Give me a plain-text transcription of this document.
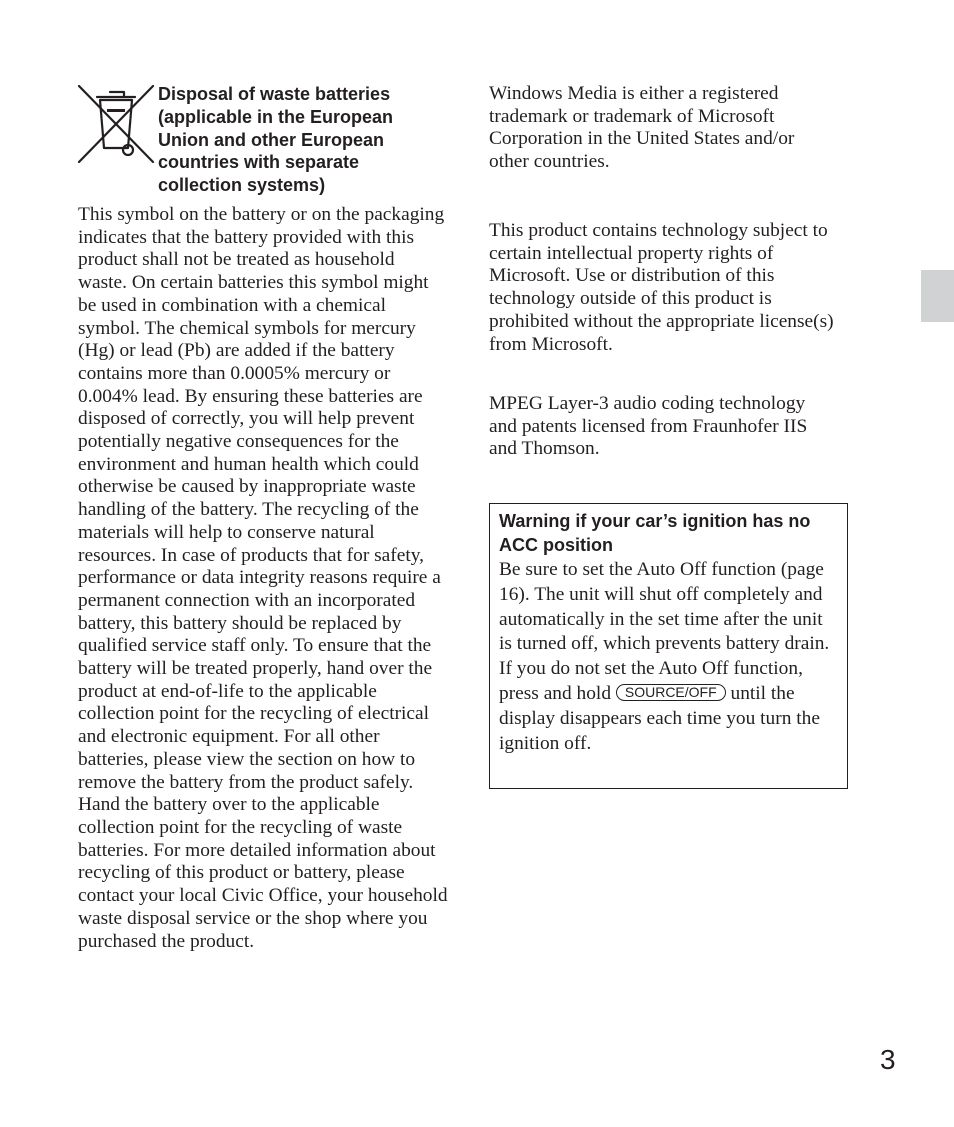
Disposal of waste batteries (applicable in the European Union and other European countries with separate collection systems)
This symbol on the battery or on the packaging indicates that the battery provided with this product shall not be treated as household waste. On certain batteries this symbol might be used in combination with a chemical symbol. The chemical symbols for mercury (Hg) or lead (Pb) are added if the battery contains more than 0.0005% mercury or 0.004% lead. By ensuring these batteries are disposed of correctly, you will help prevent potentially negative consequences for the environment and human health which could otherwise be caused by inappropriate waste handling of the battery. The recycling of the materials will help to conserve natural resources. In case of products that for safety, performance or data integrity reasons require a permanent connection with an incorporated battery, this battery should be replaced by qualified service staff only. To ensure that the battery will be treated properly, hand over the product at end-of-life to the applicable collection point for the recycling of electrical and electronic equipment. For all other batteries, please view the section on how to remove the battery from the product safely. Hand the battery over to the applicable collection point for the recycling of waste batteries. For more detailed information about recycling of this product or battery, please contact your local Civic Office, your household waste disposal service or the shop where you purchased the product.
Windows Media is either a registered trademark or trademark of Microsoft Corporation in the United States and/or other countries.
This product contains technology subject to certain intellectual property rights of Microsoft. Use or distribution of this technology outside of this product is prohibited without the appropriate license(s) from Microsoft.
MPEG Layer-3 audio coding technology and patents licensed from Fraunhofer IIS and Thomson.
Warning if your car’s ignition has no ACC position
Be sure to set the Auto Off function (page 16). The unit will shut off completely and automatically in the set time after the unit is turned off, which prevents battery drain. If you do not set the Auto Off function, press and hold SOURCE/OFF until the display disappears each time you turn the ignition off.
3
